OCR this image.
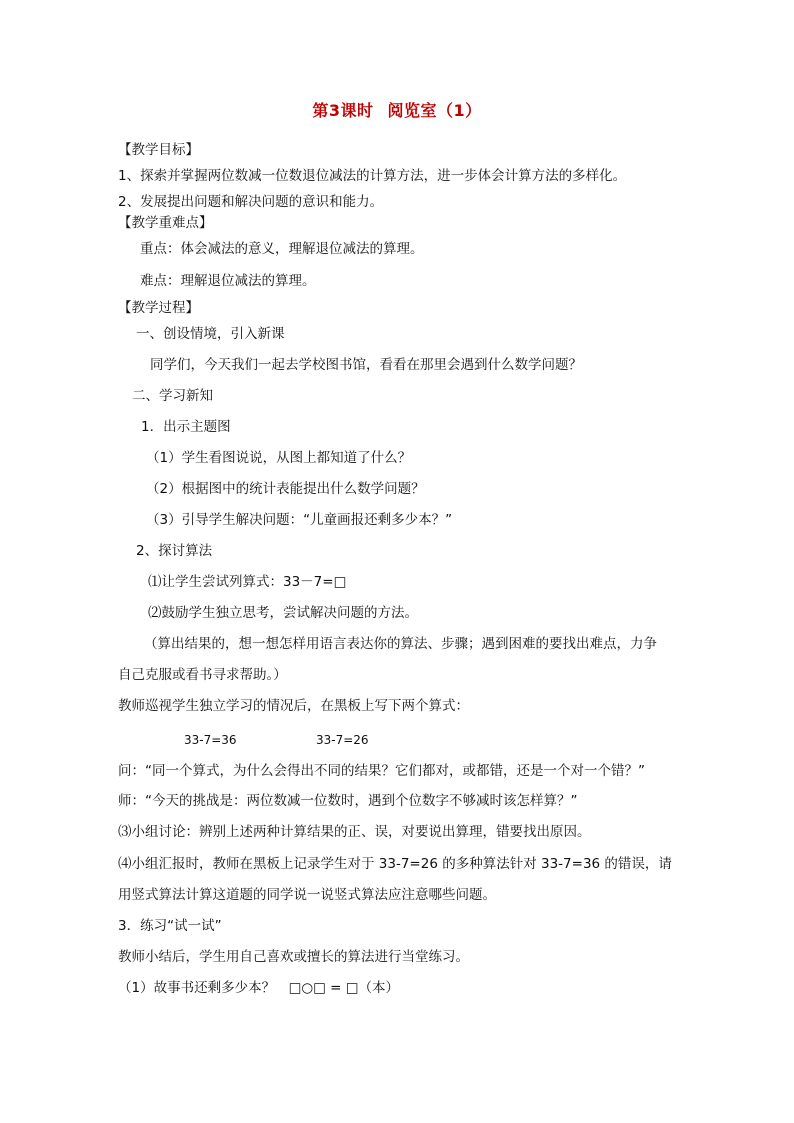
第3课时 阅览室（1）
【教学目标】
1、探索并掌握两位数减一位数退位减法的计算方法，进一步体会计算方法的多样化。
2、发展提出问题和解决问题的意识和能力。
【教学重难点】
重点：体会减法的意义，理解退位减法的算理。
难点：理解退位减法的算理。
【教学过程】
一、创设情境，引入新课
同学们，今天我们一起去学校图书馆，看看在那里会遇到什么数学问题？
二、学习新知
1．出示主题图
（1）学生看图说说，从图上都知道了什么？
（2）根据图中的统计表能提出什么数学问题？
（3）引导学生解决问题：“儿童画报还剩多少本？”
2、探讨算法
⑴让学生尝试列算式：33－7=□
⑵鼓励学生独立思考，尝试解决问题的方法。
（算出结果的，想一想怎样用语言表达你的算法、步骤；遇到困难的要找出难点，力争
自己克服或看书寻求帮助。）
教师巡视学生独立学习的情况后，在黑板上写下两个算式：
33-7=36	33-7=26
问：“同一个算式，为什么会得出不同的结果？它们都对，或都错，还是一个对一个错？”
师：“今天的挑战是：两位数减一位数时，遇到个位数字不够减时该怎样算？”
⑶小组讨论：辨别上述两种计算结果的正、误，对要说出算理，错要找出原因。
⑷小组汇报时，教师在黑板上记录学生对于 33-7=26 的多种算法针对 33-7=36 的错误，请
用竖式算法计算这道题的同学说一说竖式算法应注意哪些问题。
3．练习“试一试”
教师小结后，学生用自己喜欢或擅长的算法进行当堂练习。
（1）故事书还剩多少本？　□○□ = □（本）
